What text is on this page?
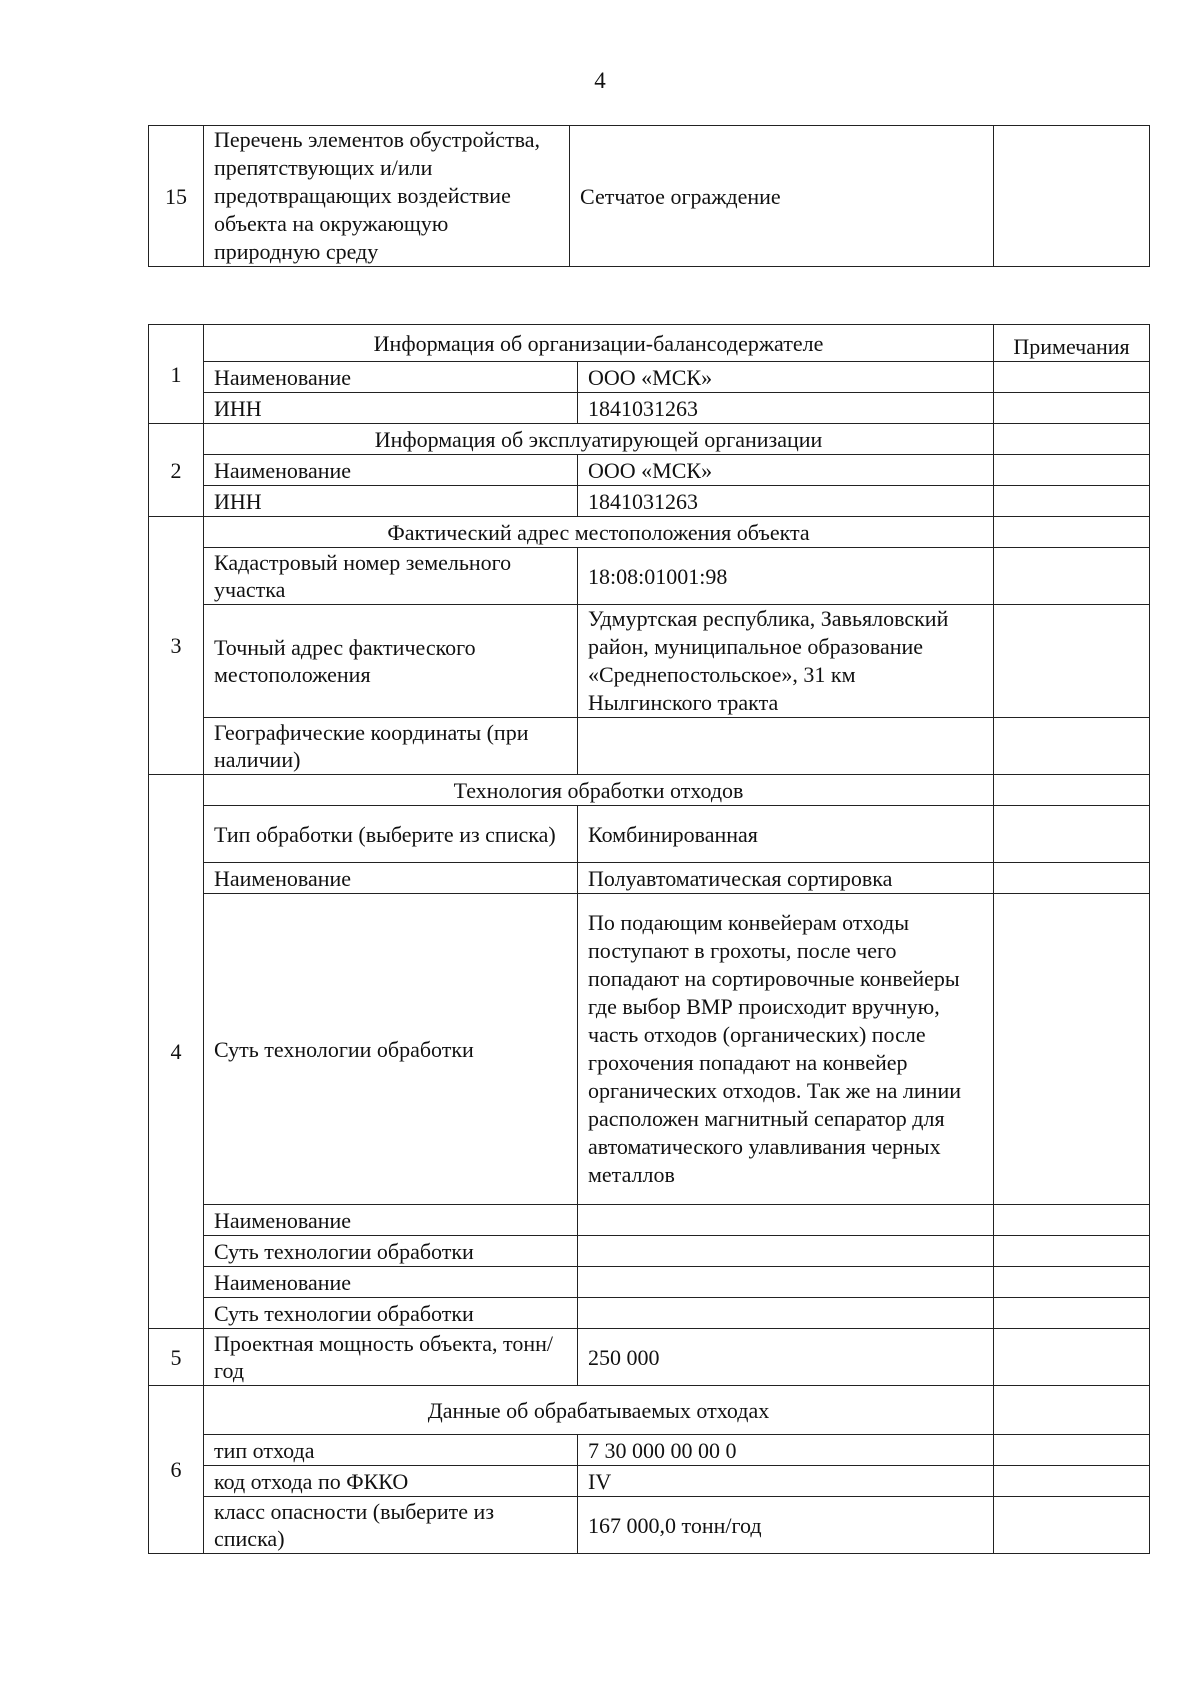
4
15	Перечень элементов обустройства, препятствующих и/или предотвращающих воздействие объекта на окружающую природную среду	Сетчатое ограждение	
1	Информация об организации-балансодержателе		Примечания
	Наименование	ООО «МСК»	
	ИНН	1841031263	
2	Информация об эксплуатирующей организации		
	Наименование	ООО «МСК»	
	ИНН	1841031263	
3	Фактический адрес местоположения объекта		
	Кадастровый номер земельного участка	18:08:01001:98	
	Точный адрес фактического местоположения	Удмуртская республика, Завьяловский район, муниципальное образование «Среднепостольское», 31 км Нылгинского тракта	
	Географические координаты (при наличии)		
4	Технология обработки отходов		
	Тип обработки (выберите из списка)	Комбинированная	
	Наименование	Полуавтоматическая сортировка	
	Суть технологии обработки	По подающим конвейерам отходы поступают в грохоты, после чего попадают на сортировочные конвейеры где выбор ВМР происходит вручную, часть отходов (органических) после грохочения попадают на конвейер органических отходов. Так же на линии расположен магнитный сепаратор для автоматического улавливания черных металлов	
	Наименование		
	Суть технологии обработки		
	Наименование		
	Суть технологии обработки		
5	Проектная мощность объекта, тонн/год	250 000	
6	Данные об обрабатываемых отходах		
	тип отхода	7 30 000 00 00 0	
	код отхода по ФККО	IV	
	класс опасности (выберите из списка)	167 000,0 тонн/год	
